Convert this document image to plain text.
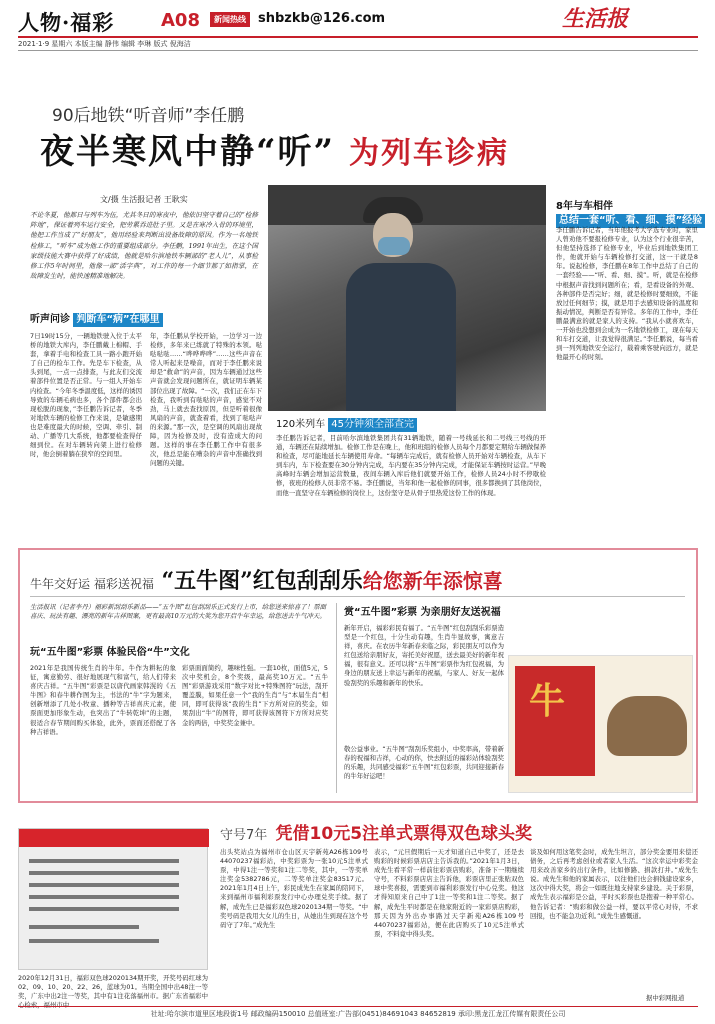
人物·福彩	A08	新闻热线 shbzkb@126.com	生活报
2021·1·9 星期六 本版主编 静伟 编辑 李琳 版式 倪海洁
90后地铁“听音师”李任鹏
夜半寒风中静“听” 为列车诊病
文/摄 生活报记者 王耿实
不论冬夏，他都日与列车为伍，尤其冬日的寒夜中，他依旧坚守着自己的“检修阵地”，保证着列车运行安全，把劳累吞进肚子里。又是在寒冷入骨的环境里，他把工作当成了“好朋友”，他用经验来判断出设备故障的原因。作为一名地铁检修工，“听车”成为他工作的重要组成部分。李任鹏，1991年出生，在这个国家级技能大赛中获得了好成绩，他就是哈尔滨地铁车辆部的“老人儿”，从事检修工作5年时间里，他像一部“活字典”，对工作的每一个细节都了如指掌，在故障发生时，能快速精准地解决。
120米列车 45分钟须全部查完
听声问诊 判断车“病”在哪里
8年与车相伴
总结一套“听、看、细、摸”经验
7日19时15分，一辆地铁驶入位于太平桥的地铁大库内，李任鹏戴上棉帽、手套，拿着手电和检查工具一路小跑开始了自己的检车工作。先是车下检查，从头到尾，一点一点排查，与此友们交流着部件位置是否正常。与一组人开始车内检查。“今年冬季温度低，这样的诱因导致的车辆毛病也多，各个部件都会出现松脱的现象，”李任鹏告诉记者，冬季对地铁车辆的检修工作来说，是敏感期也是难度最大的时候，空调、牵引、制动、广播等几大系统，他都要检查得仔细到位。在对车辆转向架上进行检修时，他会倒着躺在狭窄的空间里。
年，李任鹏从学校开始，一边学习一边检修，多年来已练就了特殊的本领。哒哒哒哒……“哗哗哗哗”……这些声音在常人听起来是噪音，而对于李任鹏来说却是“救命”的声音，因为车辆通过这些声音就会发现问题所在，就证明车辆某部位出现了故障。“一次，我们正在车下检查，我听到有哒哒的声音，感觉不对劲，马上就去查找原因，但是听着很像风扇的声音，就查着看，找到了哒哒声的来源。”那一次，是空调的风扇出现故障，因为检修及时，没有造成大的问题。这样的事在李任鹏工作中有很多次，他总是能在嘈杂的声音中准确找到问题的关键。
李任鹏告诉记者，目前哈尔滨地铁集团共有31辆地铁，随着一号线延长和二号线三号线的开通，车辆还在陆续增加。检修工作是在晚上，他和班组的检修人员每个月都要定期给车辆做保养和检查，尽可能地延长车辆使用寿命。“每辆车完成后，就有检修人员开始对车辆检查，从车下到车内，车下检查要在30分钟内完成，车内要在35分钟内完成，才能保证车辆按时运营。”早晚高峰时车辆会增加运营数量，夜间车辆入库后他们就要开始工作，检修人员24小时不停歇检修，夜班的检修人员非常不易。李任鹏说，当年和他一起检修的同事，很多都换到了其他岗位，而他一直坚守在车辆检修的岗位上，这份坚守是从骨子里热爱这份工作的体现。
李任鹏告诉记者，当年他报考大学选专业时，家里人曾劝他不要报检修专业，认为这个行业很辛苦，但他坚持选择了检修专业，毕业后到地铁集团工作，他就开始与车辆检修打交道，这一干就是8年。说起检修，李任鹏在8年工作中总结了自己的一套经验——“听、看、细、摸”。听，就是在检修中根据声音找到问题所在；看，是看设备的外观、各种部件是否完好；细，就是检修时要细致，不能放过任何细节；摸，就是用手去感知设备的温度和振动情况，判断是否有异常。多年的工作中，李任鹏最满意的就是家人的支持。“我从小就喜欢车，一开始也没想到会成为一名地铁检修工，现在每天和车打交道，让我觉得很满足。”李任鹏说，每当看到一列列地铁安全运行，载着乘客驶向远方，就是他最开心的时刻。
牛年交好运 福彩送祝福 “五牛图”红包刮刮乐给您新年添惊喜
生活报讯（记者李丹）福彩新刮刮乐新品——“五牛图”红包刮刮乐正式发行上市，给您送来惊喜了！票面喜庆、玩法有趣、漂亮的新年吉祥图案，更有最高10万元的大奖为您开启牛年幸运，给您送去牛气冲天。
玩“五牛图”彩票 体验民俗“牛”文化
2021年是我国传统生肖的牛年。牛作为耕耘的象征，寓意勤劳、很好地展现气和富气，给人们带来喜庆吉祥。“五牛图”彩票是以唐代画家韩滉的《五牛图》和春牛耕作图为主，书法的“牛”字为题来，创新增添了几处小牧童、播种等吉祥喜庆元素，使票面更加形象生动，也突出了“牛转乾坤”的主题，很适合春节期间购买体验，此外，票面还搭配了各种吉祥语。
彩票面面简约，趣味性强。一套10枚，面值5元，5次中奖机会，8个奖级，最高奖10万元。“五牛图”彩票游戏采用“数字对比+特殊图符”玩法，刮开覆盖膜，如果任意一个“我的生肖”与“本届生肖”相同，即可获得该“我的生肖”下方所对应的奖金，如果刮出“牛”的图符，即可获得该图符下方所对应奖金的两倍，中奖奖金兼中。
赏“五牛图”彩票 为亲朋好友送祝福
新年开启，福彩彩民有福了。“五牛图”红包刮刮乐彩票造型是一个红包，十分生动有趣，生肖牛显故事，寓意吉祥，喜庆。在农历牛年新春来临之际，彩民朋友可以作为红包送给亲朋好友，寄托美好祝愿，送去最美好的新年祝福，很有意义。还可以将“五牛图”彩票作为红包祝福，为身边的朋友送上幸运与新年的祝福，与家人、好友一起体验刮奖的乐趣和新年的快乐。
敬公益事业。“五牛图”刮刮乐奖组小，中奖率高，带着新春的祝福和吉祥，心动的你，快去附近的福彩站体验刮奖的乐趣，共同感受福彩“五牛图”红包彩票，共同迎接新春的牛年好运吧！
牛
守号7年 凭借10元5注单式票得双色球头奖
2020年12月31日，福彩双色球2020134期开奖，开奖号码红球为02、09、10、20、22、26，蓝球为01。当期全国中出48注一等奖，广东中出2注一等奖，其中有1注花落福州市。据广东省福彩中
出头奖站点为福州市仓山区天宇新苑A26栋109号44070237福彩站，中奖彩票为一张10元5注单式票，中得1注一等奖和1注二等奖，其中，一等奖单注奖金5382786元，二等奖单注奖金83517元。2021年1月4日上午，彩民成先生在家属的陪同下，来到福州市福利彩票发行中心办理兑奖手续。据了解，成先生已是福彩双色球2020134期一等奖。“中奖号码是我用大女儿的生日，从她出生到现在这个号码守了7年。”成先生
表示，“元旦假期后一天才知道自己中奖了，还是去购彩的时候彩票店店主告诉我的。”2021年1月3日，成先生看平常一样前往彩票店购彩，准备下一期继续守号，不料彩票店店主告诉他，彩票店里正张贴双色球中奖喜报，需要到市福利彩票发行中心兑奖。他这才得知原来自己中了1注一等奖和1注二等奖。据了解，成先生平时都是在他家附近的一家彩票店购彩，那天因为外出办事路过天宇新苑A26栋109号44070237福彩站，便在此店购买了10元5注单式票，不料竟中得头奖。
谈及如何用这笔奖金时，成先生坦言，部分奖金要用来偿还债务，之后再考虑创业或者家人生活。“这次幸运中彩奖金用来改善家乡的出行条件，比如修路、捐款打井。”成先生说。成先生和他的家属表示，以往他们也会捐钱建设家乡，这次中得大奖，将会一如既往地支持家乡建设。关于彩票，成先生表示福彩是公益，平时买彩票也是抱着一种平常心。他告诉记者：“购彩和做公益一样，要以平常心对待，不求回报，也不能急功近利。”成先生感慨道。
据中彩网报道
社址:哈尔滨市道里区地段街1号 邮政编码150010 总值班室:广告部(0451)84691043 84652819 承印:黑龙江龙江传媒有限责任公司
